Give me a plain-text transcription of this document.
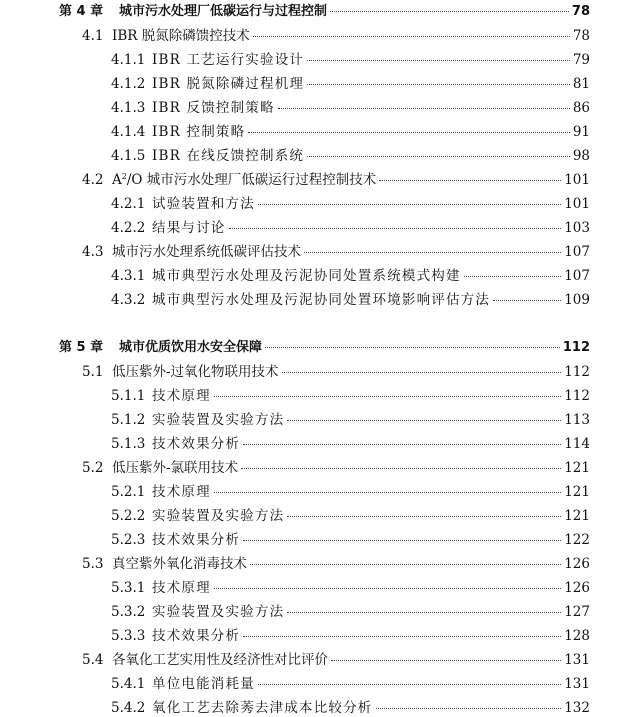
第 4 章	城市污水处理厂低碳运行与过程控制	78
4.1 IBR 脱氮除磷馈控技术	78
4.1.1 IBR 工艺运行实验设计	79
4.1.2 IBR 脱氮除磷过程机理	81
4.1.3 IBR 反馈控制策略	86
4.1.4 IBR 控制策略	91
4.1.5 IBR 在线反馈控制系统	98
4.2 $A^2/O$ 城市污水处理厂低碳运行过程控制技术	101
4.2.1 试验装置和方法	101
4.2.2 结果与讨论	103
4.3 城市污水处理系统低碳评估技术	107
4.3.1 城市典型污水处理及污泥协同处置系统模式构建	107
4.3.2 城市典型污水处理及污泥协同处置环境影响评估方法	109
第 5 章	城市优质饮用水安全保障	112
5.1 低压紫外-过氧化物联用技术	112
5.1.1 技术原理	112
5.1.2 实验装置及实验方法	113
5.1.3 技术效果分析	114
5.2 低压紫外-氯联用技术	121
5.2.1 技术原理	121
5.2.2 实验装置及实验方法	121
5.2.3 技术效果分析	122
5.3 真空紫外氧化消毒技术	126
5.3.1 技术原理	126
5.3.2 实验装置及实验方法	127
5.3.3 技术效果分析	128
5.4 各氧化工艺实用性及经济性对比评价	131
5.4.1 单位电能消耗量	131
5.4.2 氧化工艺去除莠去津成本比较分析	132
